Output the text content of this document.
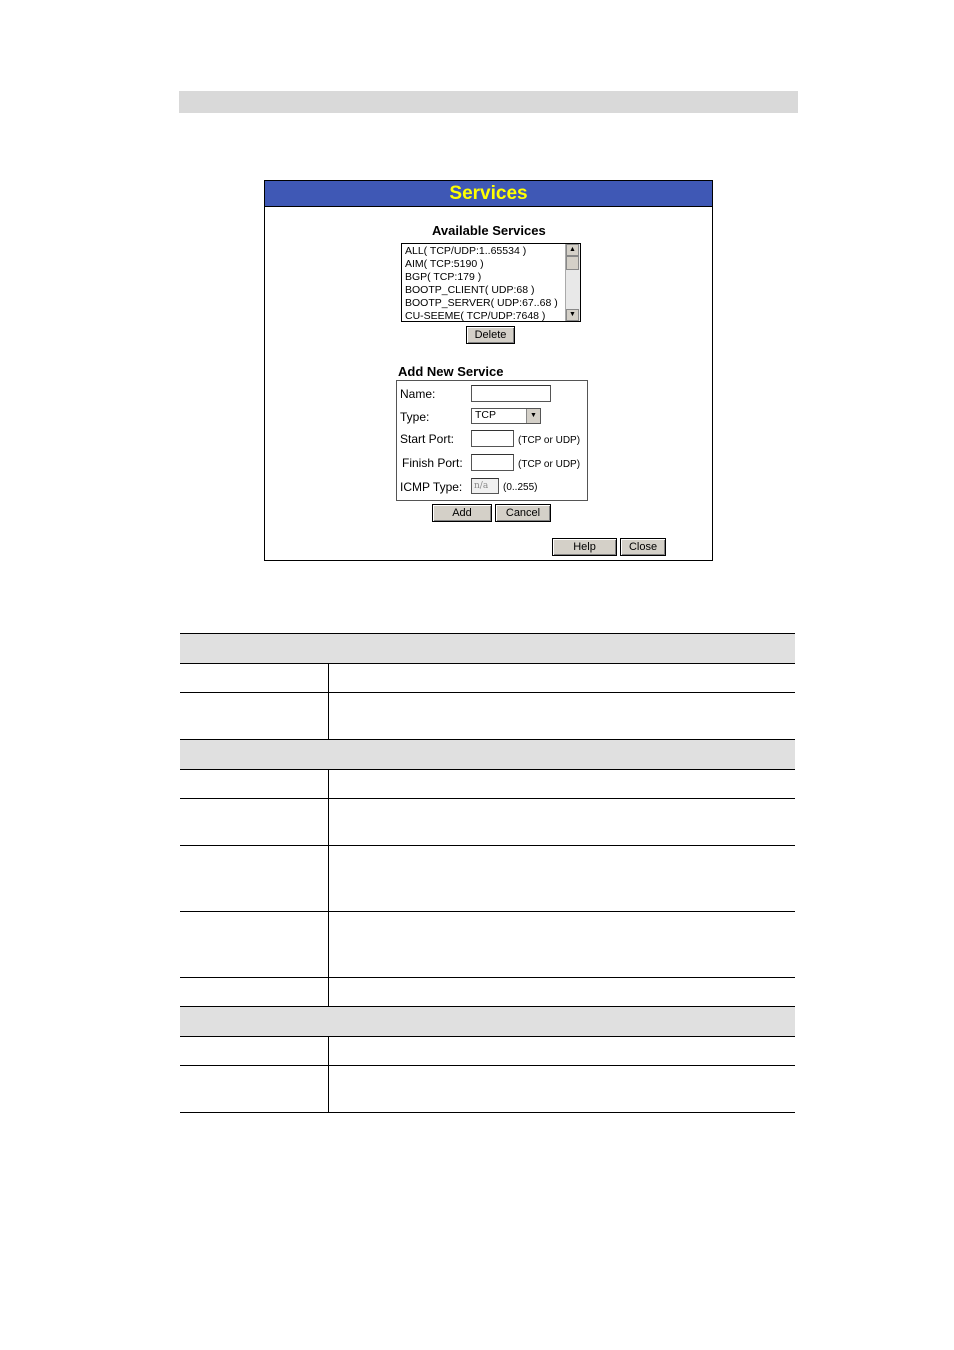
Services
Available Services
ALL( TCP/UDP:1..65534 )
AIM( TCP:5190 )
BGP( TCP:179 )
BOOTP_CLIENT( UDP:68 )
BOOTP_SERVER( UDP:67..68 )
CU-SEEME( TCP/UDP:7648 )
▲
▼
Delete
Add New Service
Name:
Type:	TCP	▼
Start Port:	(TCP or UDP)
Finish Port:	(TCP or UDP)
ICMP Type:	n/a	(0..255)
Add	Cancel
Help	Close
